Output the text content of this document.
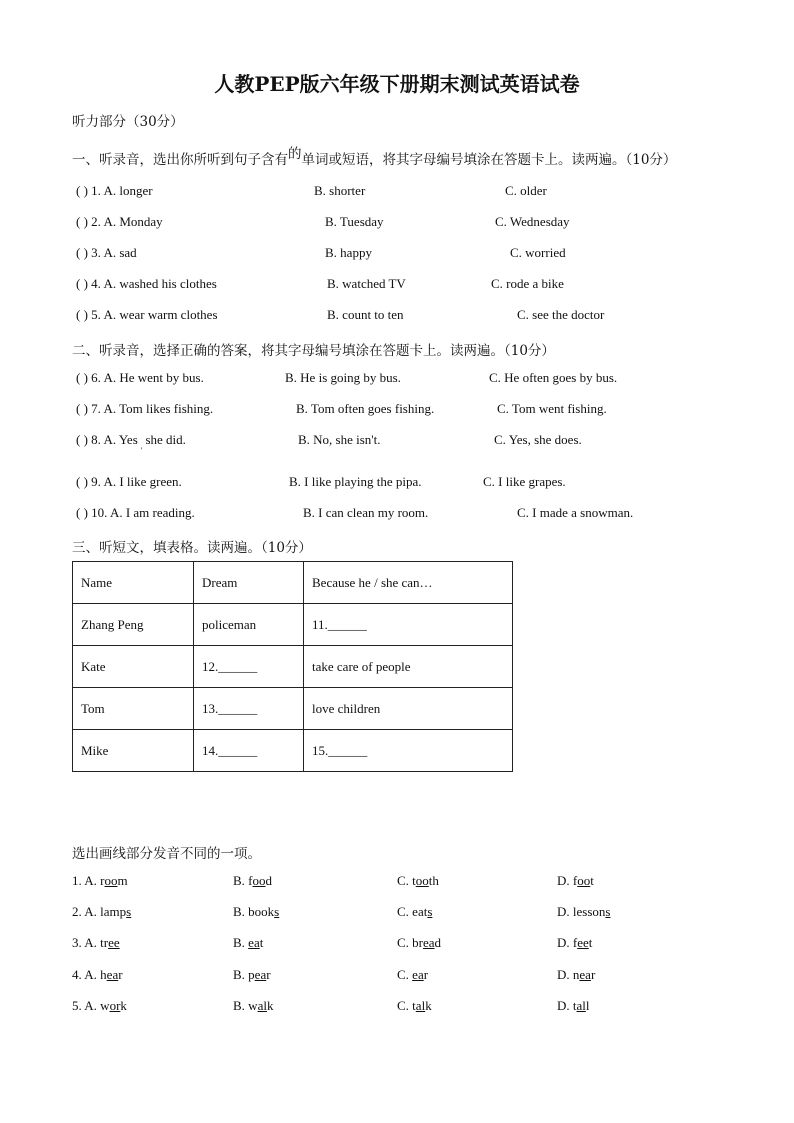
人教PEP版六年级下册期末测试英语试卷
听力部分（30分）
一、听录音，选出你所听到句子含有的单词或短语，将其字母编号填涂在答题卡上。读两遍。（10分）
( ) 1. A. longer	B. shorter	C. older
( ) 2. A. Monday	B. Tuesday	C. Wednesday
( ) 3. A. sad	B. happy	C. worried
( ) 4. A. washed his clothes	B. watched TV	C. rode a bike
( ) 5. A. wear warm clothes	B. count to ten	C. see the doctor
二、听录音，选择正确的答案，将其字母编号填涂在答题卡上。读两遍。（10分）
( ) 6. A. He went by bus.	B. He is going by bus.	C. He often goes by bus.
( ) 7. A. Tom likes fishing.	B. Tom often goes fishing.	C. Tom went fishing.
( ) 8. A. Yes$'$ she did.	B. No, she isn't.	C. Yes, she does.
( ) 9. A. I like green.	B. I like playing the pipa.	C. I like grapes.
( ) 10. A. I am reading.	B. I can clean my room.	C. I made a snowman.
三、听短文，填表格。读两遍。（10分）
Name	Dream	Because he / she can…
Zhang Peng	policeman	11.______
Kate	12.______	take care of people
Tom	13.______	love children
Mike	14.______	15.______
选出画线部分发音不同的一项。
1. A. room	B. food	C. tooth	D. foot
2. A. lamps	B. books	C. eats	D. lessons
3. A. tree	B. eat	C. bread	D. feet
4. A. hear	B. pear	C. ear	D. near
5. A. work	B. walk	C. talk	D. tall
